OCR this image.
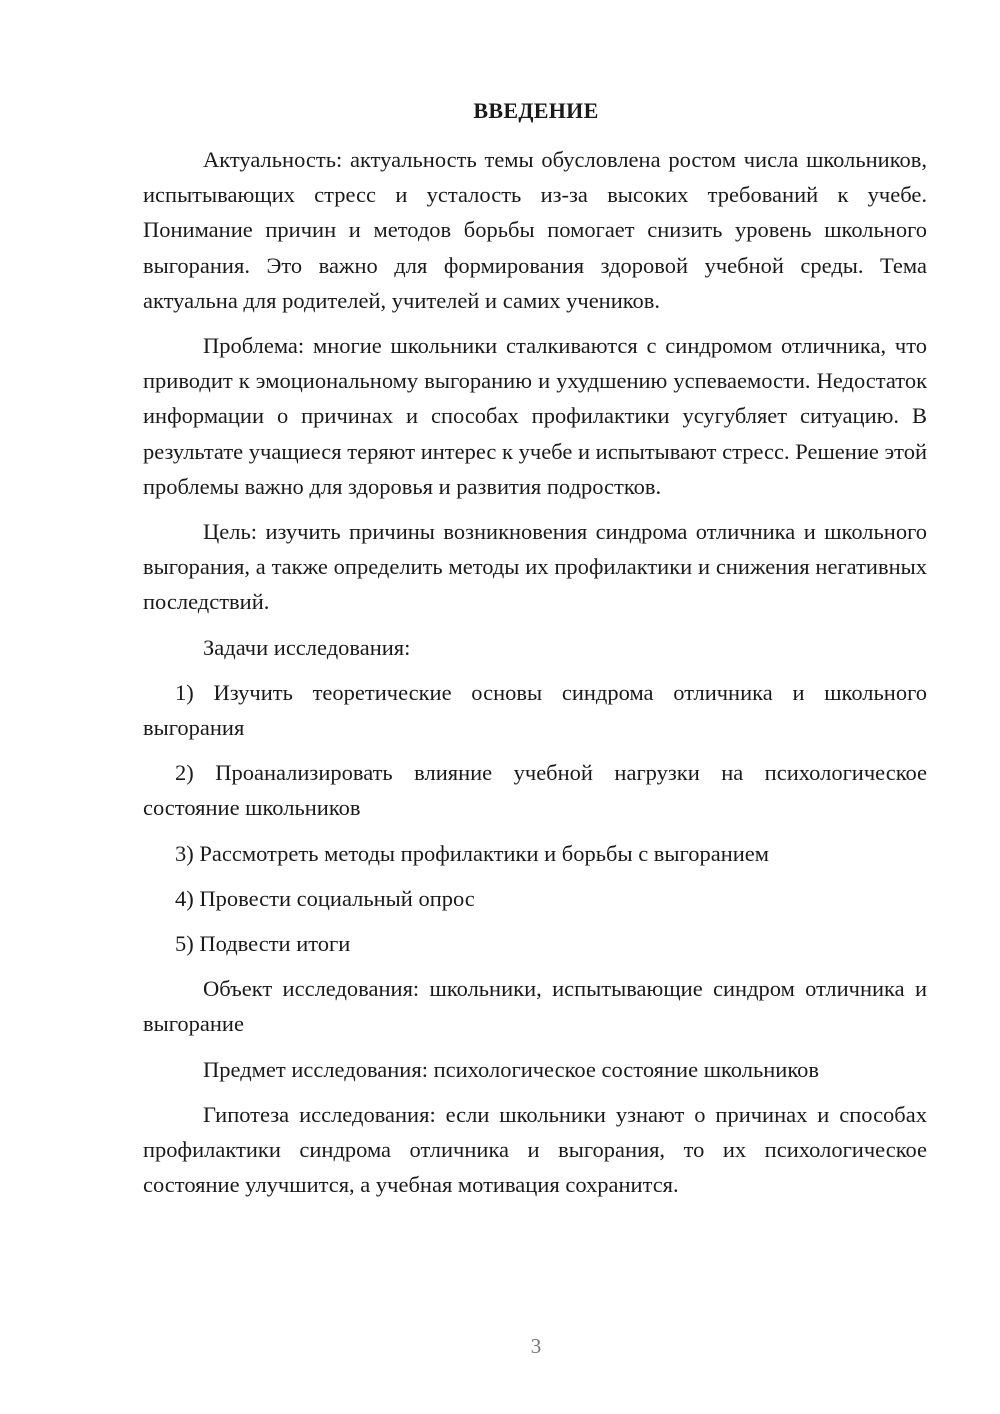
ВВЕДЕНИЕ

Актуальность: актуальность темы обусловлена ростом числа школьников, испытывающих стресс и усталость из-за высоких требований к учебе. Понимание причин и методов борьбы помогает снизить уровень школьного выгорания. Это важно для формирования здоровой учебной среды. Тема актуальна для родителей, учителей и самих учеников.

Проблема: многие школьники сталкиваются с синдромом отличника, что приводит к эмоциональному выгоранию и ухудшению успеваемости. Недостаток информации о причинах и способах профилактики усугубляет ситуацию. В результате учащиеся теряют интерес к учебе и испытывают стресс. Решение этой проблемы важно для здоровья и развития подростков.

Цель: изучить причины возникновения синдрома отличника и школьного выгорания, а также определить методы их профилактики и снижения негативных последствий.

Задачи исследования:

1) Изучить теоретические основы синдрома отличника и школьного выгорания

2) Проанализировать влияние учебной нагрузки на психологическое состояние школьников

3) Рассмотреть методы профилактики и борьбы с выгоранием

4) Провести социальный опрос

5) Подвести итоги

Объект исследования: школьники, испытывающие синдром отличника и выгорание

Предмет исследования: психологическое состояние школьников

Гипотеза исследования: если школьники узнают о причинах и способах профилактики синдрома отличника и выгорания, то их психологическое состояние улучшится, а учебная мотивация сохранится.

3
